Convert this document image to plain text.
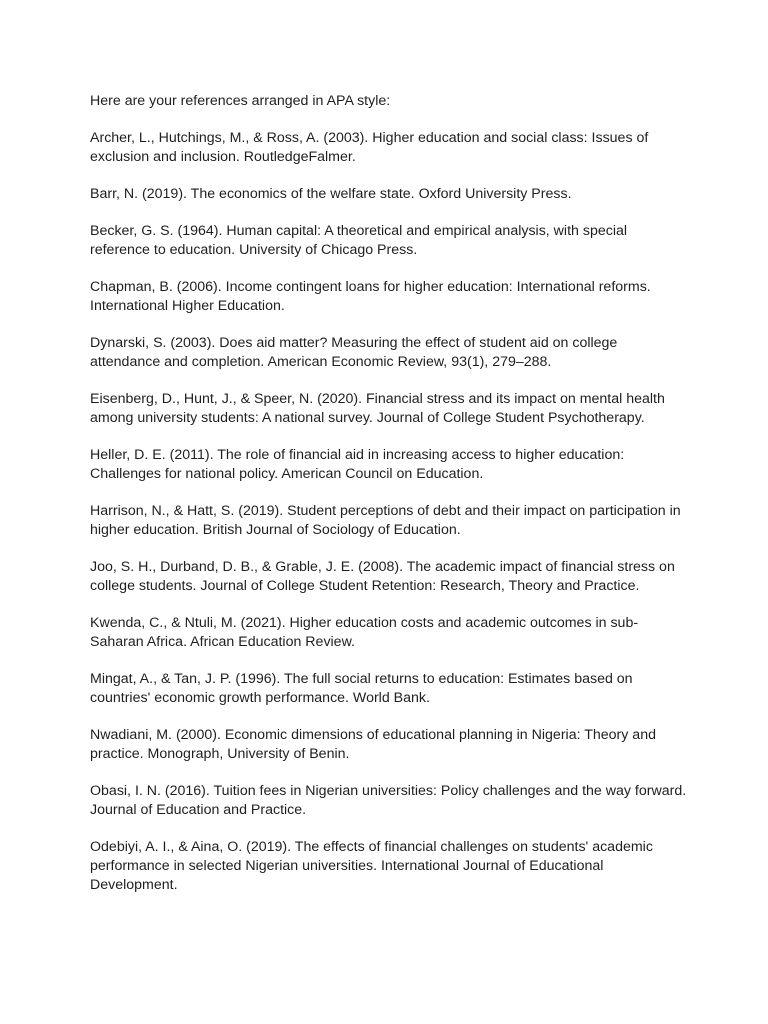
Here are your references arranged in APA style:

Archer, L., Hutchings, M., & Ross, A. (2003). Higher education and social class: Issues of exclusion and inclusion. RoutledgeFalmer.
Barr, N. (2019). The economics of the welfare state. Oxford University Press.
Becker, G. S. (1964). Human capital: A theoretical and empirical analysis, with special reference to education. University of Chicago Press.
Chapman, B. (2006). Income contingent loans for higher education: International reforms. International Higher Education.
Dynarski, S. (2003). Does aid matter? Measuring the effect of student aid on college attendance and completion. American Economic Review, 93(1), 279–288.
Eisenberg, D., Hunt, J., & Speer, N. (2020). Financial stress and its impact on mental health among university students: A national survey. Journal of College Student Psychotherapy.
Heller, D. E. (2011). The role of financial aid in increasing access to higher education: Challenges for national policy. American Council on Education.
Harrison, N., & Hatt, S. (2019). Student perceptions of debt and their impact on participation in higher education. British Journal of Sociology of Education.
Joo, S. H., Durband, D. B., & Grable, J. E. (2008). The academic impact of financial stress on college students. Journal of College Student Retention: Research, Theory and Practice.
Kwenda, C., & Ntuli, M. (2021). Higher education costs and academic outcomes in sub-Saharan Africa. African Education Review.
Mingat, A., & Tan, J. P. (1996). The full social returns to education: Estimates based on countries' economic growth performance. World Bank.
Nwadiani, M. (2000). Economic dimensions of educational planning in Nigeria: Theory and practice. Monograph, University of Benin.
Obasi, I. N. (2016). Tuition fees in Nigerian universities: Policy challenges and the way forward. Journal of Education and Practice.
Odebiyi, A. I., & Aina, O. (2019). The effects of financial challenges on students' academic performance in selected Nigerian universities. International Journal of Educational Development.
